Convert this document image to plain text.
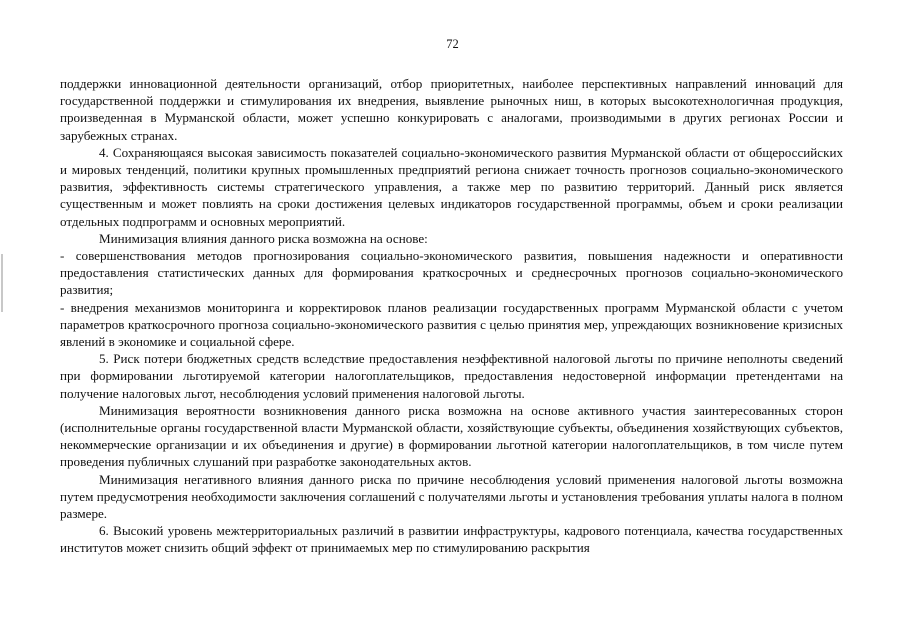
72

поддержки инновационной деятельности организаций, отбор приоритетных, наиболее перспективных направлений инноваций для государственной поддержки и стимулирования их внедрения, выявление рыночных ниш, в которых высокотехнологичная продукция, произведенная в Мурманской области, может успешно конкурировать с аналогами, производимыми в других регионах России и зарубежных странах.

4. Сохраняющаяся высокая зависимость показателей социально-экономического развития Мурманской области от общероссийских и мировых тенденций, политики крупных промышленных предприятий региона снижает точность прогнозов социально-экономического развития, эффективность системы стратегического управления, а также мер по развитию территорий. Данный риск является существенным и может повлиять на сроки достижения целевых индикаторов государственной программы, объем и сроки реализации отдельных подпрограмм и основных мероприятий.

Минимизация влияния данного риска возможна на основе:

- совершенствования методов прогнозирования социально-экономического развития, повышения надежности и оперативности предоставления статистических данных для формирования краткосрочных и среднесрочных прогнозов социально-экономического развития;

- внедрения механизмов мониторинга и корректировок планов реализации государственных программ Мурманской области с учетом параметров краткосрочного прогноза социально-экономического развития с целью принятия мер, упреждающих возникновение кризисных явлений в экономике и социальной сфере.

5. Риск потери бюджетных средств вследствие предоставления неэффективной налоговой льготы по причине неполноты сведений при формировании льготируемой категории налогоплательщиков, предоставления недостоверной информации претендентами на получение налоговых льгот, несоблюдения условий применения налоговой льготы.

Минимизация вероятности возникновения данного риска возможна на основе активного участия заинтересованных сторон (исполнительные органы государственной власти Мурманской области, хозяйствующие субъекты, объединения хозяйствующих субъектов, некоммерческие организации и их объединения и другие) в формировании льготной категории налогоплательщиков, в том числе путем проведения публичных слушаний при разработке законодательных актов.

Минимизация негативного влияния данного риска по причине несоблюдения условий применения налоговой льготы возможна путем предусмотрения необходимости заключения соглашений с получателями льготы и установления требования уплаты налога в полном размере.

6. Высокий уровень межтерриториальных различий в развитии инфраструктуры, кадрового потенциала, качества государственных институтов может снизить общий эффект от принимаемых мер по стимулированию раскрытия
